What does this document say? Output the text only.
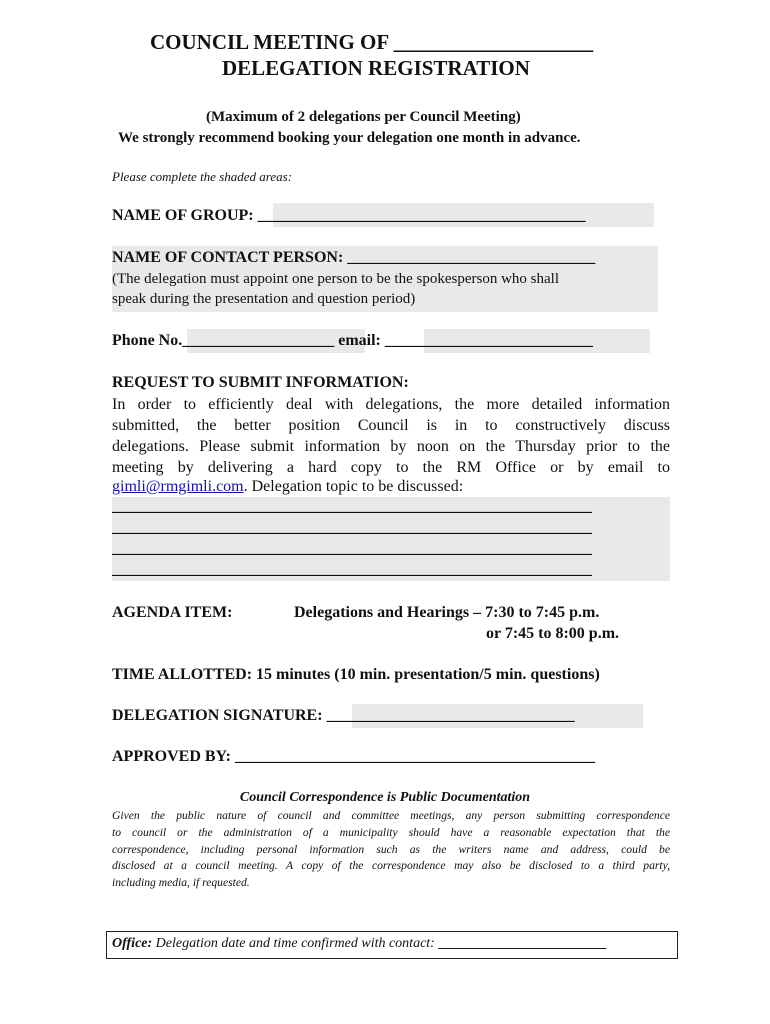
COUNCIL MEETING OF ___________________
DELEGATION REGISTRATION
(Maximum of 2 delegations per Council Meeting)
We strongly recommend booking your delegation one month in advance.
Please complete the shaded areas:
NAME OF GROUP: _________________________________________
NAME OF CONTACT PERSON: _______________________________
(The delegation must appoint one person to be the spokesperson who shall
speak during the presentation and question period)
Phone No.___________________ email: __________________________
REQUEST TO SUBMIT INFORMATION:
In order to efficiently deal with delegations, the more detailed information
submitted, the better position Council is in to constructively discuss
delegations. Please submit information by noon on the Thursday prior to the
meeting by delivering a hard copy to the RM Office or by email to
gimli@rmgimli.com. Delegation topic to be discussed:
____________________________________________________________
____________________________________________________________
____________________________________________________________
____________________________________________________________
AGENDA ITEM:	Delegations and Hearings – 7:30 to 7:45 p.m.
or 7:45 to 8:00 p.m.
TIME ALLOTTED: 15 minutes (10 min. presentation/5 min. questions)
DELEGATION SIGNATURE: _______________________________
APPROVED BY: _____________________________________________
Council Correspondence is Public Documentation
Given the public nature of council and committee meetings, any person submitting correspondence
to council or the administration of a municipality should have a reasonable expectation that the
correspondence, including personal information such as the writers name and address, could be
disclosed at a council meeting. A copy of the correspondence may also be disclosed to a third party,
including media, if requested.
Office: Delegation date and time confirmed with contact: ________________________
